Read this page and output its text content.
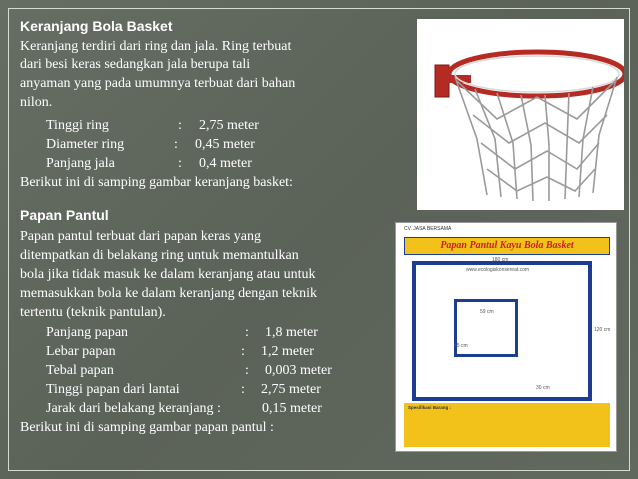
Keranjang Bola Basket
Keranjang terdiri dari ring dan jala. Ring terbuat
dari besi keras sedangkan jala berupa tali
anyaman yang pada umumnya terbuat dari bahan
nilon.
Tinggi ring	: 2,75 meter
Diameter ring	: 0,45 meter
Panjang jala	: 0,4 meter
Berikut ini di samping gambar keranjang basket:
Papan Pantul
Papan pantul terbuat dari papan keras yang
ditempatkan di belakang ring untuk memantulkan
bola jika tidak masuk ke dalam keranjang atau untuk
memasukkan bola ke dalam keranjang dengan teknik
tertentu (teknik pantulan).
Panjang papan	: 1,8 meter
Lebar papan	: 1,2 meter
Tebal papan	: 0,003 meter
Tinggi papan dari lantai	: 2,75 meter
Jarak dari belakang keranjang :	0,15 meter
Berikut ini di samping gambar papan pantul :
CV. JASA BERSAMA
Papan Pantul Kayu Bola Basket
www.ecologiskonsereat.com
180 cm
120 cm
59 cm
45 cm
30 cm
Spesifikasi Barang :
